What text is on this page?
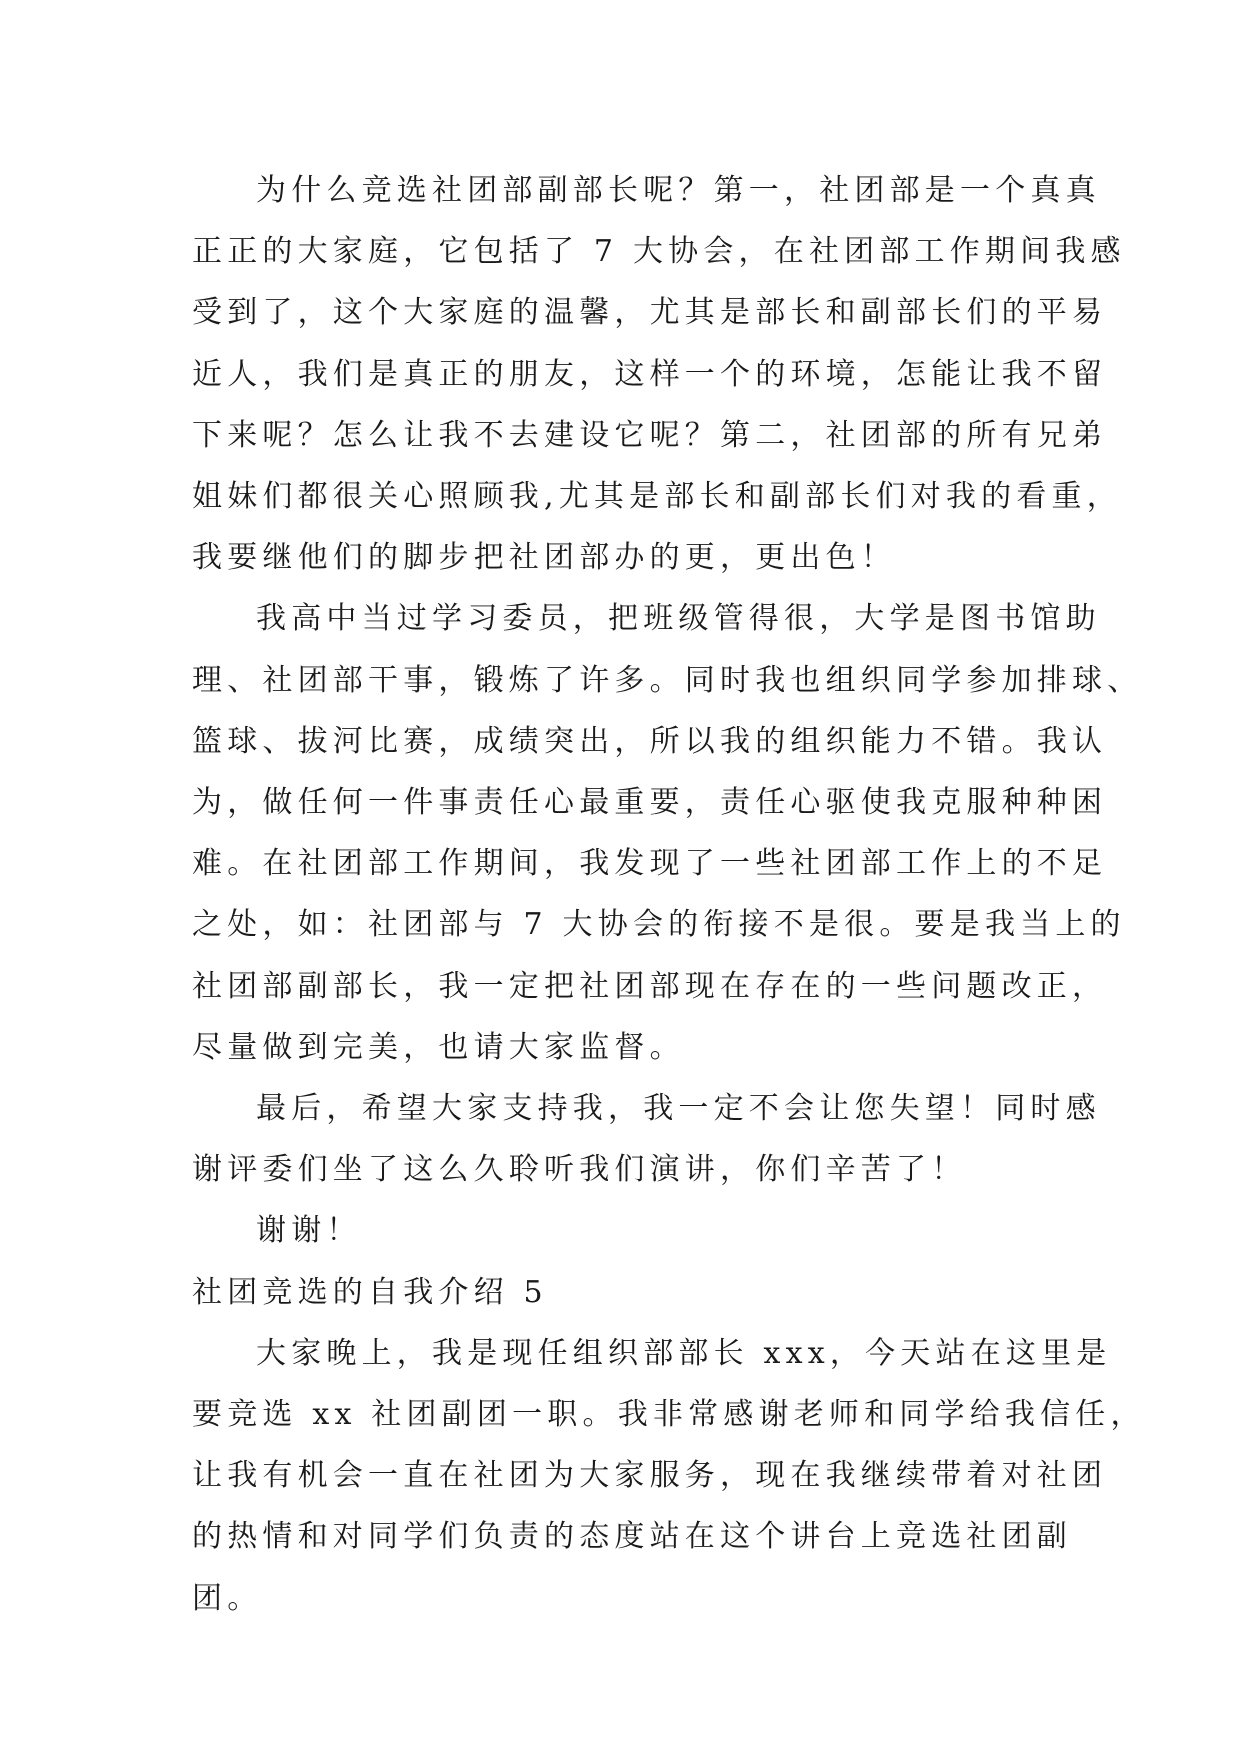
为什么竞选社团部副部长呢？第一，社团部是一个真真
正正的大家庭，它包括了 7 大协会，在社团部工作期间我感
受到了，这个大家庭的温馨，尤其是部长和副部长们的平易
近人，我们是真正的朋友，这样一个的环境，怎能让我不留
下来呢？怎么让我不去建设它呢？第二，社团部的所有兄弟
姐妹们都很关心照顾我,尤其是部长和副部长们对我的看重，
我要继他们的脚步把社团部办的更，更出色！

我高中当过学习委员，把班级管得很，大学是图书馆助
理、社团部干事，锻炼了许多。同时我也组织同学参加排球、
篮球、拔河比赛，成绩突出，所以我的组织能力不错。我认
为，做任何一件事责任心最重要，责任心驱使我克服种种困
难。在社团部工作期间，我发现了一些社团部工作上的不足
之处，如：社团部与 7 大协会的衔接不是很。要是我当上的
社团部副部长，我一定把社团部现在存在的一些问题改正，
尽量做到完美，也请大家监督。

最后，希望大家支持我，我一定不会让您失望！同时感
谢评委们坐了这么久聆听我们演讲，你们辛苦了！

谢谢！

社团竞选的自我介绍 5

大家晚上，我是现任组织部部长 xxx，今天站在这里是
要竞选 xx 社团副团一职。我非常感谢老师和同学给我信任，
让我有机会一直在社团为大家服务，现在我继续带着对社团
的热情和对同学们负责的态度站在这个讲台上竞选社团副
团。
